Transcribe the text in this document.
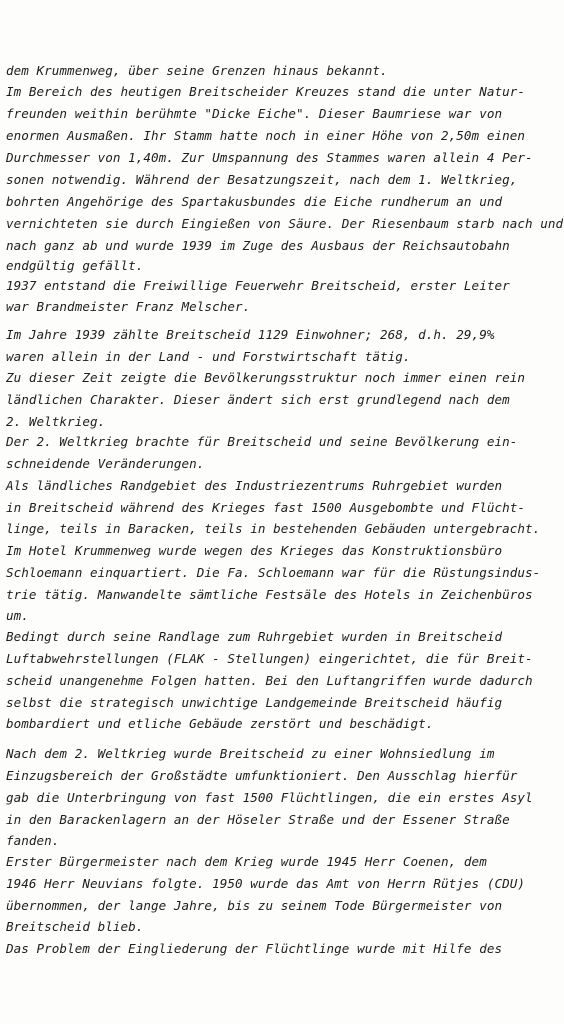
dem Krummenweg, über seine Grenzen hinaus bekannt.
Im Bereich des heutigen Breitscheider Kreuzes stand die unter Natur-
freunden weithin berühmte "Dicke Eiche". Dieser Baumriese war von
enormen Ausmaßen. Ihr Stamm hatte noch in einer Höhe von 2,50m einen
Durchmesser von 1,40m. Zur Umspannung des Stammes waren allein 4 Per-
sonen notwendig. Während der Besatzungszeit, nach dem 1. Weltkrieg,
bohrten Angehörige des Spartakusbundes die Eiche rundherum an und
vernichteten sie durch Eingießen von Säure. Der Riesenbaum starb nach und
nach ganz ab und wurde 1939 im Zuge des Ausbaus der Reichsautobahn
endgültig gefällt.
1937 entstand die Freiwillige Feuerwehr Breitscheid, erster Leiter
war Brandmeister Franz Melscher.
Im Jahre 1939 zählte Breitscheid 1129 Einwohner; 268, d.h. 29,9%
waren allein in der Land - und Forstwirtschaft tätig.
Zu dieser Zeit zeigte die Bevölkerungsstruktur noch immer einen rein
ländlichen Charakter. Dieser ändert sich erst grundlegend nach dem
2. Weltkrieg.
Der 2. Weltkrieg brachte für Breitscheid und seine Bevölkerung ein-
schneidende Veränderungen.
Als ländliches Randgebiet des Industriezentrums Ruhrgebiet wurden
in Breitscheid während des Krieges fast 1500 Ausgebombte und Flücht-
linge, teils in Baracken, teils in bestehenden Gebäuden untergebracht.
Im Hotel Krummenweg wurde wegen des Krieges das Konstruktionsbüro
Schloemann einquartiert. Die Fa. Schloemann war für die Rüstungsindus-
trie tätig. Manwandelte sämtliche Festsäle des Hotels in Zeichenbüros
um.
Bedingt durch seine Randlage zum Ruhrgebiet wurden in Breitscheid
Luftabwehrstellungen (FLAK - Stellungen) eingerichtet, die für Breit-
scheid unangenehme Folgen hatten. Bei den Luftangriffen wurde dadurch
selbst die strategisch unwichtige Landgemeinde Breitscheid häufig
bombardiert und etliche Gebäude zerstört und beschädigt.
Nach dem 2. Weltkrieg wurde Breitscheid zu einer Wohnsiedlung im
Einzugsbereich der Großstädte umfunktioniert. Den Ausschlag hierfür
gab die Unterbringung von fast 1500 Flüchtlingen, die ein erstes Asyl
in den Barackenlagern an der Höseler Straße und der Essener Straße
fanden.
Erster Bürgermeister nach dem Krieg wurde 1945 Herr Coenen, dem
1946 Herr Neuvians folgte. 1950 wurde das Amt von Herrn Rütjes (CDU)
übernommen, der lange Jahre, bis zu seinem Tode Bürgermeister von
Breitscheid blieb.
Das Problem der Eingliederung der Flüchtlinge wurde mit Hilfe des
